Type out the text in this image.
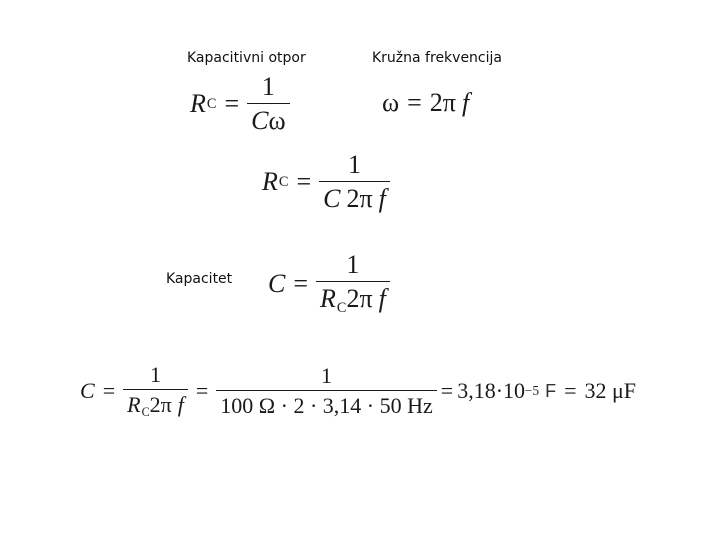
Kapacitivni otpor	Kružna frekvencija
Kapacitet
R $C = \frac{1}{C\omega}$	ω = 2π f
R $C = \frac{1}{\text{C 2π f}}$
$C = \frac{1}{R_C2\pi f}$
$C = \frac{1}{R_C2\pi f} = \frac{1}{100 \Omega \cdot 2 \cdot 3,14 \cdot 50 Hz} = 3,18\cdot 10 -5$ F = 32 μF
